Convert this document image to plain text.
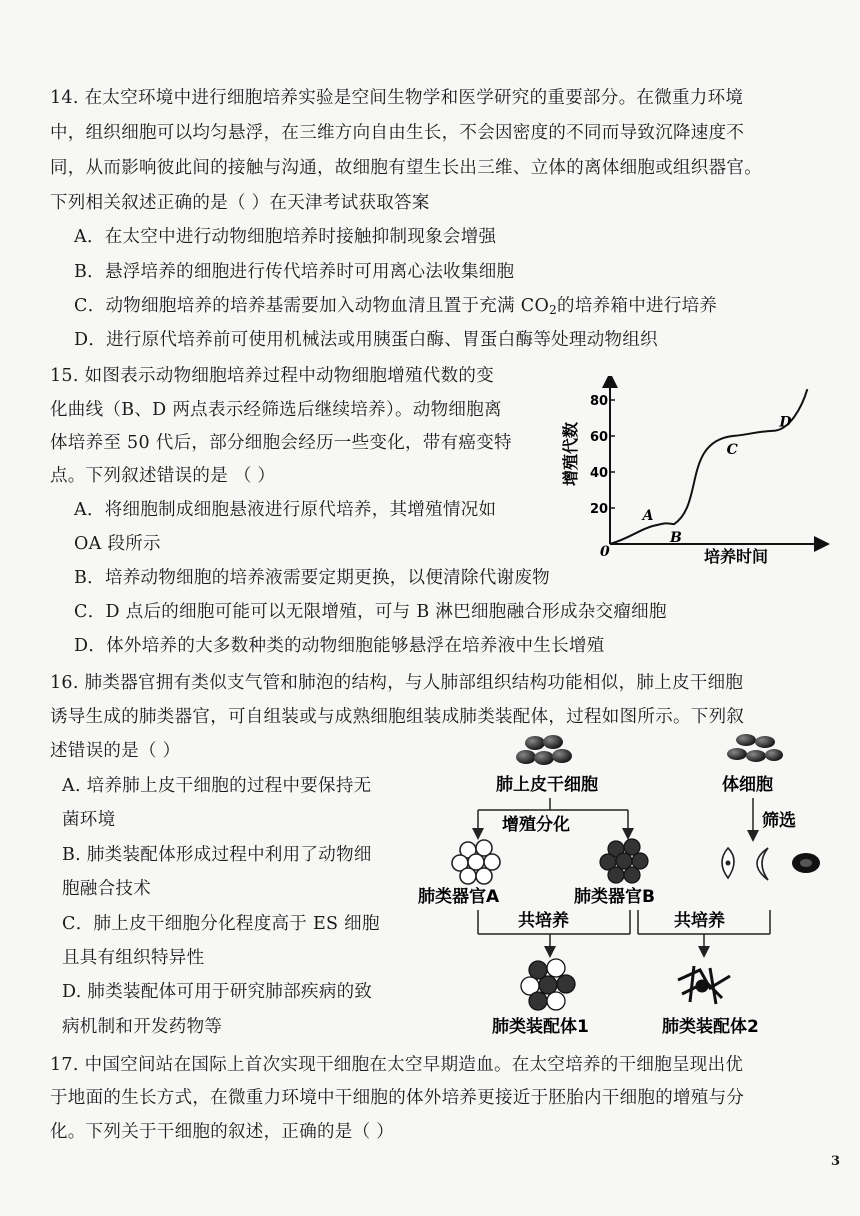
14. 在太空环境中进行细胞培养实验是空间生物学和医学研究的重要部分。在微重力环境
中，组织细胞可以均匀悬浮，在三维方向自由生长，不会因密度的不同而导致沉降速度不
同，从而影响彼此间的接触与沟通，故细胞有望生长出三维、立体的离体细胞或组织器官。
下列相关叙述正确的是（ ）在天津考试获取答案
A．在太空中进行动物细胞培养时接触抑制现象会增强
B．悬浮培养的细胞进行传代培养时可用离心法收集细胞
C．动物细胞培养的培养基需要加入动物血清且置于充满 $CO_2$的培养箱中进行培养
D．进行原代培养前可使用机械法或用胰蛋白酶、胃蛋白酶等处理动物组织
15. 如图表示动物细胞培养过程中动物细胞增殖代数的变
化曲线（B、D 两点表示经筛选后继续培养）。动物细胞离
体培养至 50 代后，部分细胞会经历一些变化，带有癌变特
点。下列叙述错误的是 （ ）
A．将细胞制成细胞悬液进行原代培养，其增殖情况如
OA 段所示
B．培养动物细胞的培养液需要定期更换，以便清除代谢废物
C．D 点后的细胞可能可以无限增殖，可与 B 淋巴细胞融合形成杂交瘤细胞
D．体外培养的大多数种类的动物细胞能够悬浮在培养液中生长增殖
20
40
60
80
A
B
C
D
0	培养时间
增殖代数
16. 肺类器官拥有类似支气管和肺泡的结构，与人肺部组织结构功能相似，肺上皮干细胞
诱导生成的肺类器官，可自组装或与成熟细胞组装成肺类装配体，过程如图所示。下列叙
述错误的是（ ）
A. 培养肺上皮干细胞的过程中要保持无
菌环境
B. 肺类装配体形成过程中利用了动物细
胞融合技术
C．肺上皮干细胞分化程度高于 ES 细胞
且具有组织特异性
D. 肺类装配体可用于研究肺部疾病的致
病机制和开发药物等
肺上皮干细胞	体细胞
增殖分化	筛选
肺类器官A	肺类器官B
共培养	共培养
肺类装配体1	肺类装配体2
17. 中国空间站在国际上首次实现干细胞在太空早期造血。在太空培养的干细胞呈现出优
于地面的生长方式，在微重力环境中干细胞的体外培养更接近于胚胎内干细胞的增殖与分
化。下列关于干细胞的叙述，正确的是（ ）
3
